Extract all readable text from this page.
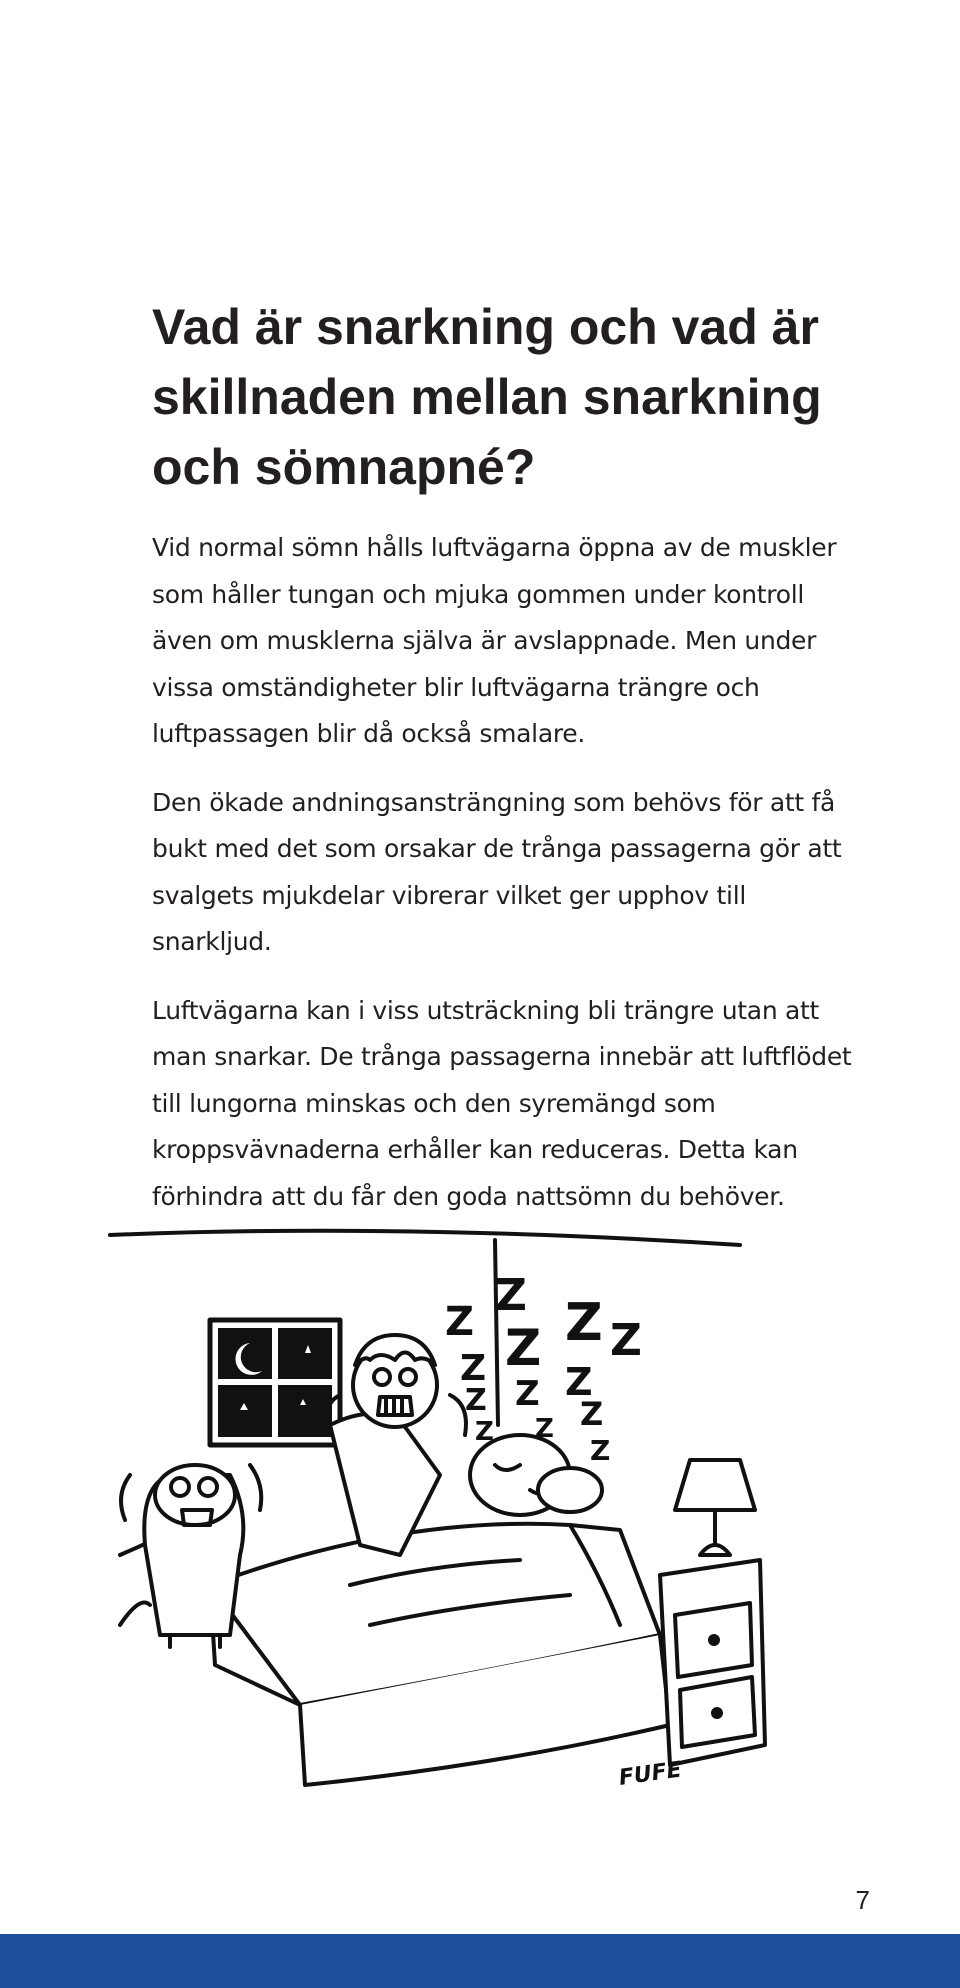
Vad är snarkning och vad är skillnaden mellan snarkning och sömnapné?

Vid normal sömn hålls luftvägarna öppna av de muskler som håller tungan och mjuka gommen under kontroll även om musklerna själva är avslappnade. Men under vissa omständigheter blir luftvägarna trängre och luftpassagen blir då också smalare.

Den ökade andningsansträngning som behövs för att få bukt med det som orsakar de trånga passagerna gör att svalgets mjukdelar vibrerar vilket ger upphov till snarkljud.

Luftvägarna kan i viss utsträckning bli trängre utan att man snarkar. De trånga passagerna innebär att luftflödet till lungorna minskas och den syremängd som kroppsvävnaderna erhåller kan reduceras. Detta kan förhindra att du får den goda nattsömn du behöver.

Z
Z
Z Z Z Z
Z Z Z
Z
Z Z
Z
FUFE
7
